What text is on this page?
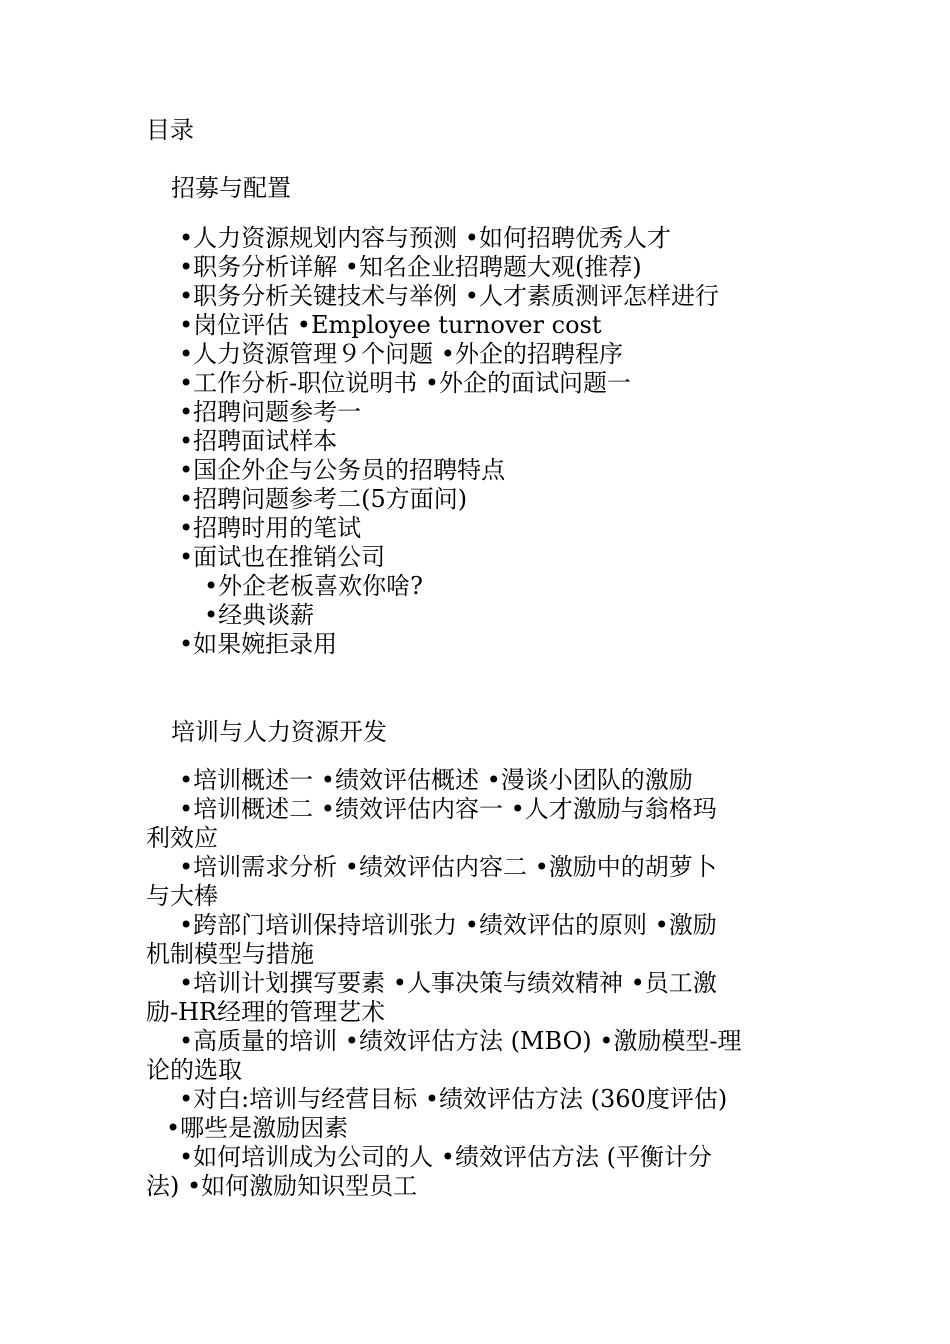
目录
招募与配置
•人力资源规划内容与预测 •如何招聘优秀人才
•职务分析详解 •知名企业招聘题大观(推荐)
•职务分析关键技术与举例 •人才素质测评怎样进行
•岗位评估 •Employee turnover cost
•人力资源管理９个问题 •外企的招聘程序
•工作分析-职位说明书 •外企的面试问题一
•招聘问题参考一
•招聘面试样本
•国企外企与公务员的招聘特点
•招聘问题参考二(5方面问)
•招聘时用的笔试
•面试也在推销公司
•外企老板喜欢你啥?
•经典谈薪
•如果婉拒录用
培训与人力资源开发
•培训概述一 •绩效评估概述 •漫谈小团队的激励
•培训概述二 •绩效评估内容一 •人才激励与翁格玛
利效应
•培训需求分析 •绩效评估内容二 •激励中的胡萝卜
与大棒
•跨部门培训保持培训张力 •绩效评估的原则 •激励
机制模型与措施
•培训计划撰写要素 •人事决策与绩效精神 •员工激
励-HR经理的管理艺术
•高质量的培训 •绩效评估方法 (MBO) •激励模型-理
论的选取
•对白:培训与经营目标 •绩效评估方法 (360度评估)
•哪些是激励因素
•如何培训成为公司的人 •绩效评估方法 (平衡计分
法) •如何激励知识型员工
